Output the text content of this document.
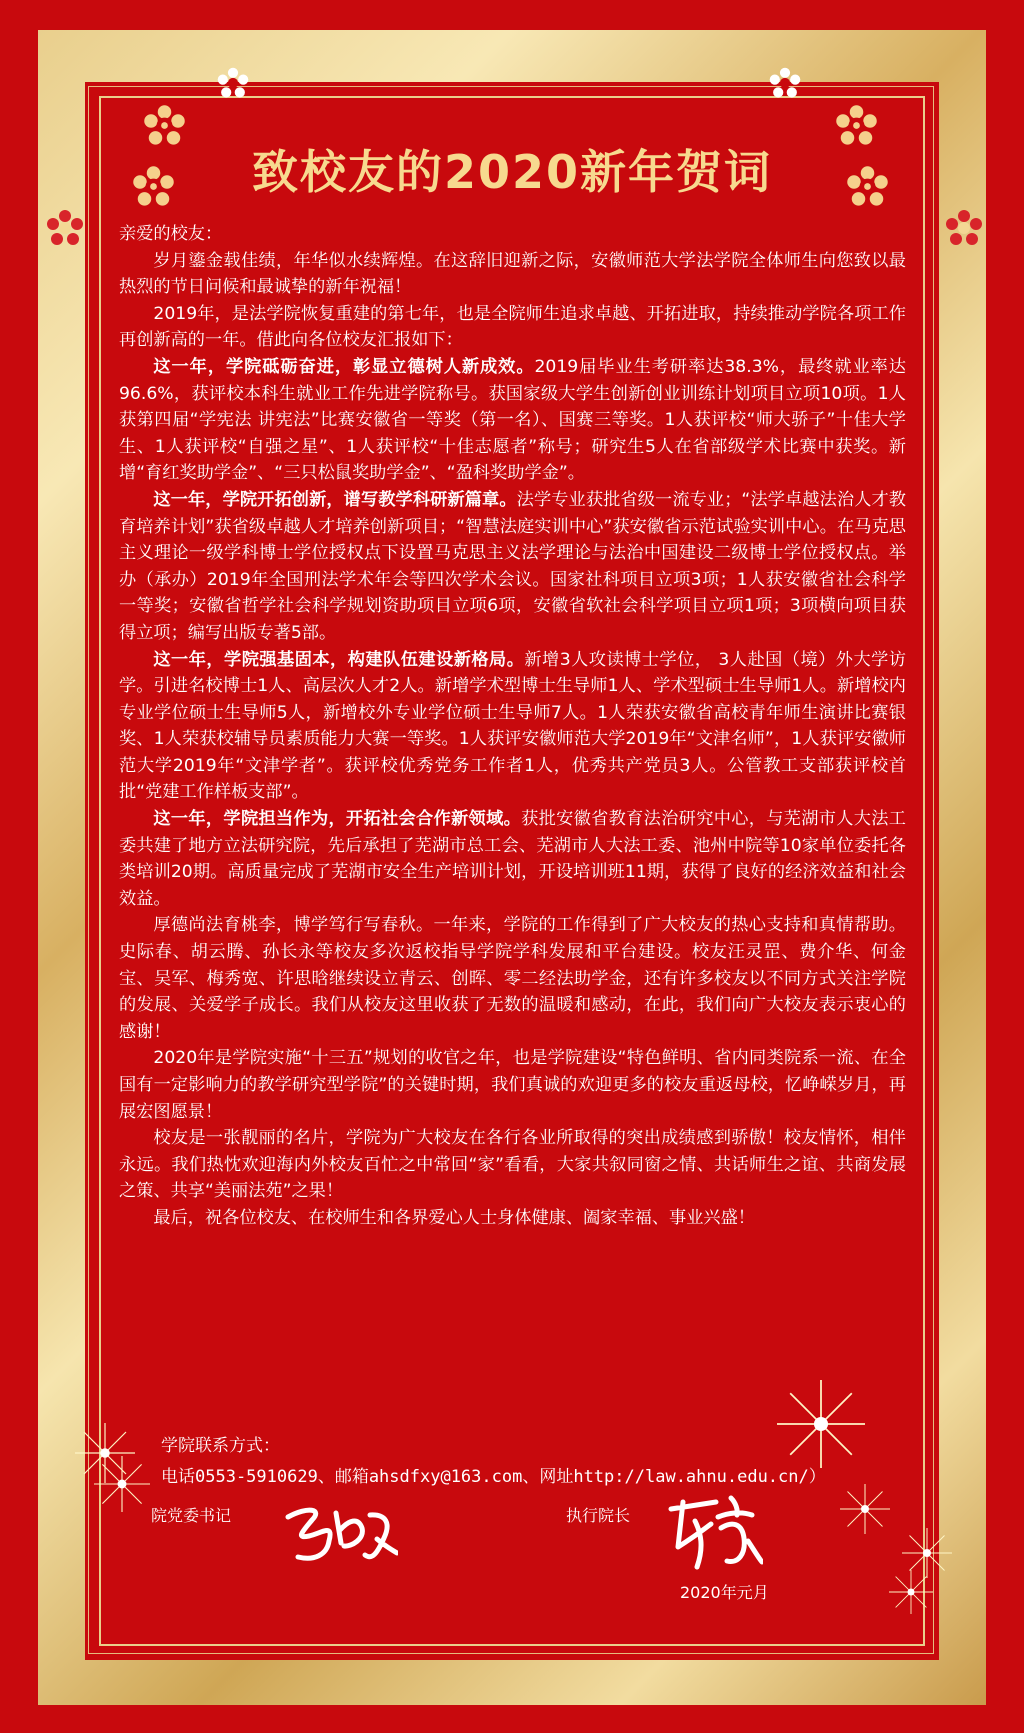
致校友的2020新年贺词

亲爱的校友：

岁月鎏金载佳绩，年华似水续辉煌。在这辞旧迎新之际，安徽师范大学法学院全体师生向您致以最热烈的节日问候和最诚挚的新年祝福！

2019年，是法学院恢复重建的第七年，也是全院师生追求卓越、开拓进取，持续推动学院各项工作再创新高的一年。借此向各位校友汇报如下：

这一年，学院砥砺奋进，彰显立德树人新成效。2019届毕业生考研率达38.3%，最终就业率达96.6%，获评校本科生就业工作先进学院称号。获国家级大学生创新创业训练计划项目立项10项。1人获第四届“学宪法 讲宪法”比赛安徽省一等奖（第一名）、国赛三等奖。1人获评校“师大骄子”十佳大学生、1人获评校“自强之星”、1人获评校“十佳志愿者”称号；研究生5人在省部级学术比赛中获奖。新增“育红奖助学金”、“三只松鼠奖助学金”、“盈科奖助学金”。

这一年，学院开拓创新，谱写教学科研新篇章。法学专业获批省级一流专业；“法学卓越法治人才教育培养计划”获省级卓越人才培养创新项目；“智慧法庭实训中心”获安徽省示范试验实训中心。在马克思主义理论一级学科博士学位授权点下设置马克思主义法学理论与法治中国建设二级博士学位授权点。举办（承办）2019年全国刑法学术年会等四次学术会议。国家社科项目立项3项；1人获安徽省社会科学一等奖；安徽省哲学社会科学规划资助项目立项6项，安徽省软社会科学项目立项1项；3项横向项目获得立项；编写出版专著5部。

这一年，学院强基固本，构建队伍建设新格局。新增3人攻读博士学位， 3人赴国（境）外大学访学。引进名校博士1人、高层次人才2人。新增学术型博士生导师1人、学术型硕士生导师1人。新增校内专业学位硕士生导师5人，新增校外专业学位硕士生导师7人。1人荣获安徽省高校青年师生演讲比赛银奖、1人荣获校辅导员素质能力大赛一等奖。1人获评安徽师范大学2019年“文津名师”，1人获评安徽师范大学2019年“文津学者”。获评校优秀党务工作者1人，优秀共产党员3人。公管教工支部获评校首批“党建工作样板支部”。

这一年，学院担当作为，开拓社会合作新领域。获批安徽省教育法治研究中心，与芜湖市人大法工委共建了地方立法研究院，先后承担了芜湖市总工会、芜湖市人大法工委、池州中院等10家单位委托各类培训20期。高质量完成了芜湖市安全生产培训计划，开设培训班11期，获得了良好的经济效益和社会效益。

厚德尚法育桃李，博学笃行写春秋。一年来，学院的工作得到了广大校友的热心支持和真情帮助。史际春、胡云腾、孙长永等校友多次返校指导学院学科发展和平台建设。校友汪灵罡、费介华、何金宝、吴军、梅秀宽、许思晗继续设立青云、创晖、零二经法助学金，还有许多校友以不同方式关注学院的发展、关爱学子成长。我们从校友这里收获了无数的温暖和感动，在此，我们向广大校友表示衷心的感谢！

2020年是学院实施“十三五”规划的收官之年，也是学院建设“特色鲜明、省内同类院系一流、在全国有一定影响力的教学研究型学院”的关键时期，我们真诚的欢迎更多的校友重返母校，忆峥嵘岁月，再展宏图愿景！

校友是一张靓丽的名片，学院为广大校友在各行各业所取得的突出成绩感到骄傲！校友情怀，相伴永远。我们热忱欢迎海内外校友百忙之中常回“家”看看，大家共叙同窗之情、共话师生之谊、共商发展之策、共享“美丽法苑”之果！

最后，祝各位校友、在校师生和各界爱心人士身体健康、阖家幸福、事业兴盛！

学院联系方式：
电话0553-5910629、邮箱ahsdfxy@163.com、网址http://law.ahnu.edu.cn/）
院党委书记	执行院长
2020年元月
